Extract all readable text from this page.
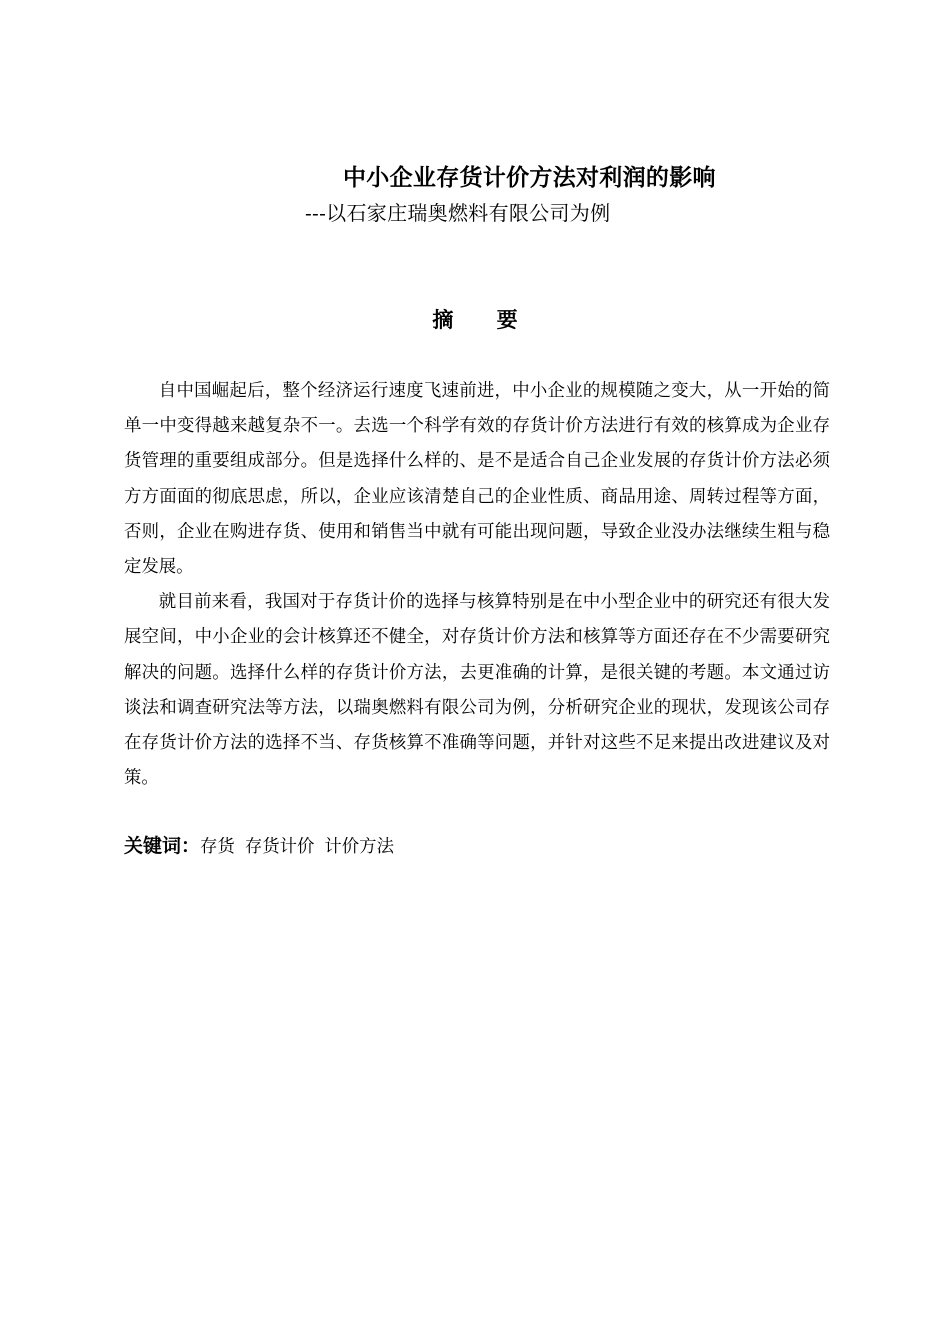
中小企业存货计价方法对利润的影响
---以石家庄瑞奥燃料有限公司为例
摘 要

自中国崛起后，整个经济运行速度飞速前进，中小企业的规模随之变大，从一开始的简单一中变得越来越复杂不一。去选一个科学有效的存货计价方法进行有效的核算成为企业存货管理的重要组成部分。但是选择什么样的、是不是适合自己企业发展的存货计价方法必须方方面面的彻底思虑，所以，企业应该清楚自己的企业性质、商品用途、周转过程等方面，否则，企业在购进存货、使用和销售当中就有可能出现问题，导致企业没办法继续生粗与稳定发展。

就目前来看，我国对于存货计价的选择与核算特别是在中小型企业中的研究还有很大发展空间，中小企业的会计核算还不健全，对存货计价方法和核算等方面还存在不少需要研究解决的问题。选择什么样的存货计价方法，去更准确的计算，是很关键的考题。本文通过访谈法和调查研究法等方法，以瑞奥燃料有限公司为例，分析研究企业的现状，发现该公司存在存货计价方法的选择不当、存货核算不准确等问题，并针对这些不足来提出改进建议及对策。

关键词：存货 存货计价 计价方法
